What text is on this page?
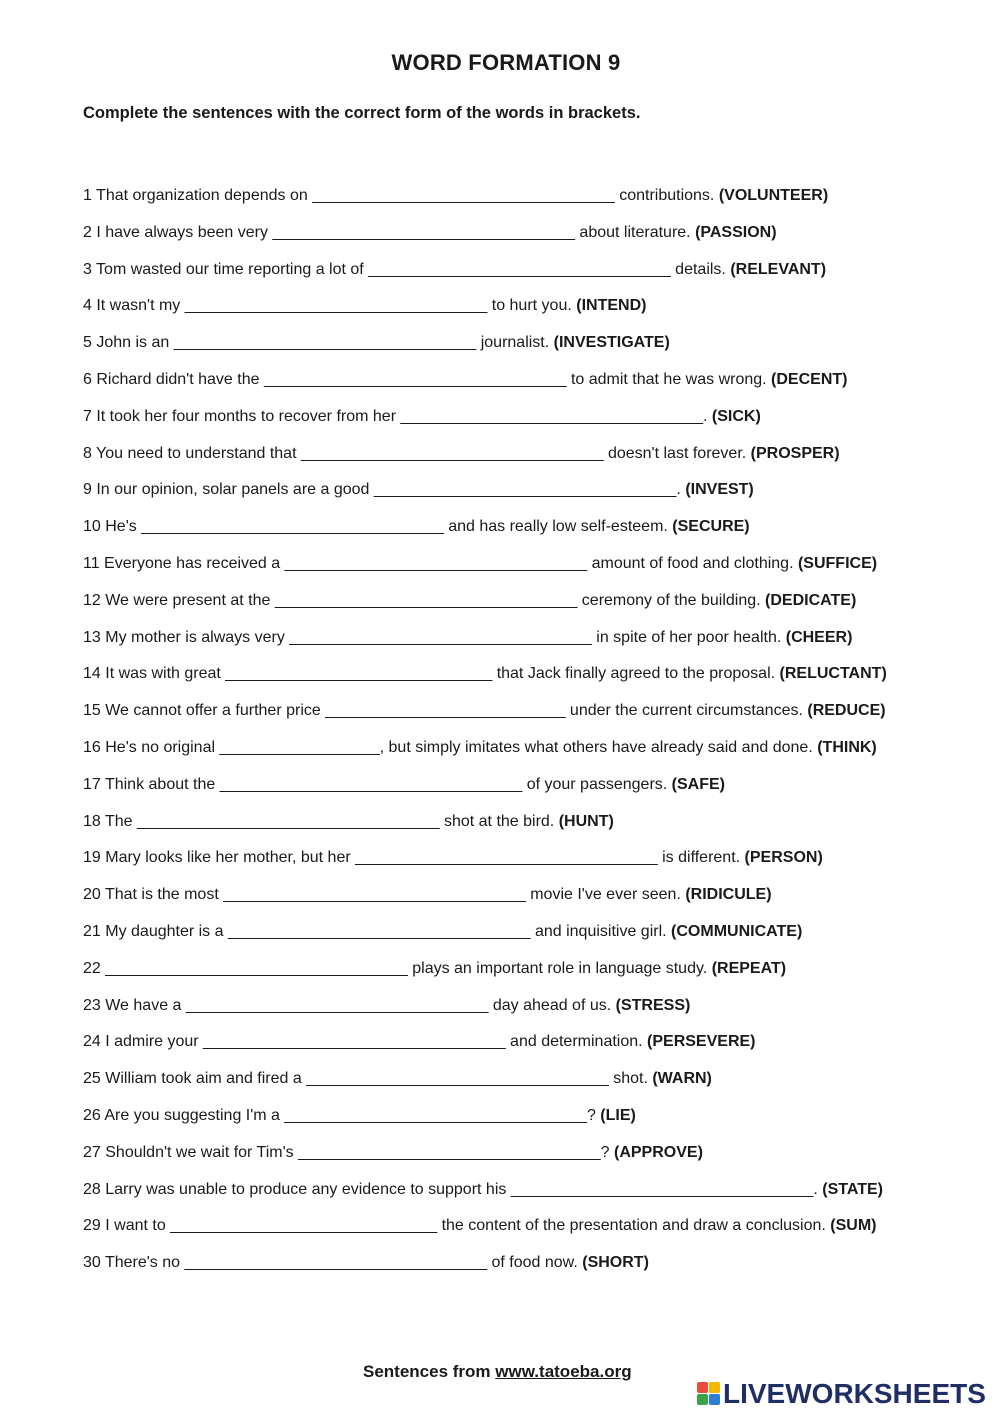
WORD FORMATION 9
Complete the sentences with the correct form of the words in brackets.
1 That organization depends on __________________________________ contributions. (VOLUNTEER)
2 I have always been very __________________________________ about literature. (PASSION)
3 Tom wasted our time reporting a lot of __________________________________ details. (RELEVANT)
4 It wasn't my __________________________________ to hurt you. (INTEND)
5 John is an __________________________________ journalist. (INVESTIGATE)
6 Richard didn't have the __________________________________ to admit that he was wrong. (DECENT)
7 It took her four months to recover from her __________________________________. (SICK)
8 You need to understand that __________________________________ doesn't last forever. (PROSPER)
9 In our opinion, solar panels are a good __________________________________. (INVEST)
10 He's __________________________________ and has really low self-esteem. (SECURE)
11 Everyone has received a __________________________________ amount of food and clothing. (SUFFICE)
12 We were present at the __________________________________ ceremony of the building. (DEDICATE)
13 My mother is always very __________________________________ in spite of her poor health. (CHEER)
14 It was with great ______________________________ that Jack finally agreed to the proposal. (RELUCTANT)
15 We cannot offer a further price ___________________________ under the current circumstances. (REDUCE)
16 He's no original __________________, but simply imitates what others have already said and done. (THINK)
17 Think about the __________________________________ of your passengers. (SAFE)
18 The __________________________________ shot at the bird. (HUNT)
19 Mary looks like her mother, but her __________________________________ is different. (PERSON)
20 That is the most __________________________________ movie I've ever seen. (RIDICULE)
21 My daughter is a __________________________________ and inquisitive girl. (COMMUNICATE)
22 __________________________________ plays an important role in language study. (REPEAT)
23 We have a __________________________________ day ahead of us. (STRESS)
24 I admire your __________________________________ and determination. (PERSEVERE)
25 William took aim and fired a __________________________________ shot. (WARN)
26 Are you suggesting I'm a __________________________________? (LIE)
27 Shouldn't we wait for Tim's __________________________________? (APPROVE)
28 Larry was unable to produce any evidence to support his __________________________________. (STATE)
29 I want to ______________________________ the content of the presentation and draw a conclusion. (SUM)
30 There's no __________________________________ of food now. (SHORT)
Sentences from www.tatoeba.org
LIVEWORKSHEETS
